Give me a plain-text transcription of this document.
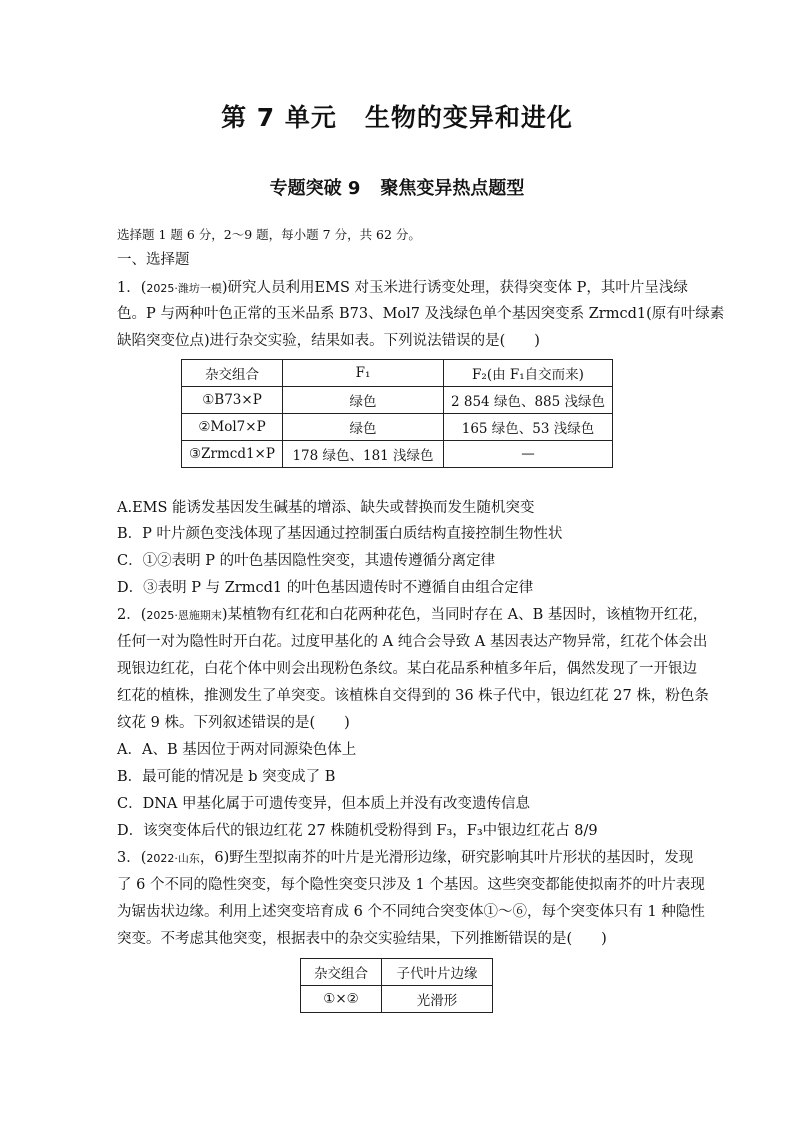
第 7 单元 生物的变异和进化
专题突破 9 聚焦变异热点题型
选择题 1 题 6 分，2～9 题，每小题 7 分，共 62 分。
一、选择题
1．(2025·潍坊一模)研究人员利用EMS 对玉米进行诱变处理，获得突变体 P，其叶片呈浅绿
色。P 与两种叶色正常的玉米品系 B73、Mol7 及浅绿色单个基因突变系 Zrmcd1(原有叶绿素
缺陷突变位点)进行杂交实验，结果如表。下列说法错误的是(　　)
杂交组合	F₁	F₂(由 F₁自交而来)
①B73×P	绿色	2 854 绿色、885 浅绿色
②Mol7×P	绿色	165 绿色、53 浅绿色
③Zrmcd1×P	178 绿色、181 浅绿色	—
A.EMS 能诱发基因发生碱基的增添、缺失或替换而发生随机突变
B．P 叶片颜色变浅体现了基因通过控制蛋白质结构直接控制生物性状
C．①②表明 P 的叶色基因隐性突变，其遗传遵循分离定律
D．③表明 P 与 Zrmcd1 的叶色基因遗传时不遵循自由组合定律
2．(2025·恩施期末)某植物有红花和白花两种花色，当同时存在 A、B 基因时，该植物开红花，
任何一对为隐性时开白花。过度甲基化的 A 纯合会导致 A 基因表达产物异常，红花个体会出
现银边红花，白花个体中则会出现粉色条纹。某白花品系种植多年后，偶然发现了一开银边
红花的植株，推测发生了单突变。该植株自交得到的 36 株子代中，银边红花 27 株，粉色条
纹花 9 株。下列叙述错误的是(　　)
A．A、B 基因位于两对同源染色体上
B．最可能的情况是 b 突变成了 B
C．DNA 甲基化属于可遗传变异，但本质上并没有改变遗传信息
D．该突变体后代的银边红花 27 株随机受粉得到 F₃，F₃中银边红花占 8/9
3．(2022·山东，6)野生型拟南芥的叶片是光滑形边缘，研究影响其叶片形状的基因时，发现
了 6 个不同的隐性突变，每个隐性突变只涉及 1 个基因。这些突变都能使拟南芥的叶片表现
为锯齿状边缘。利用上述突变培育成 6 个不同纯合突变体①～⑥，每个突变体只有 1 种隐性
突变。不考虑其他突变，根据表中的杂交实验结果，下列推断错误的是(　　)
杂交组合	子代叶片边缘
①×②	光滑形
